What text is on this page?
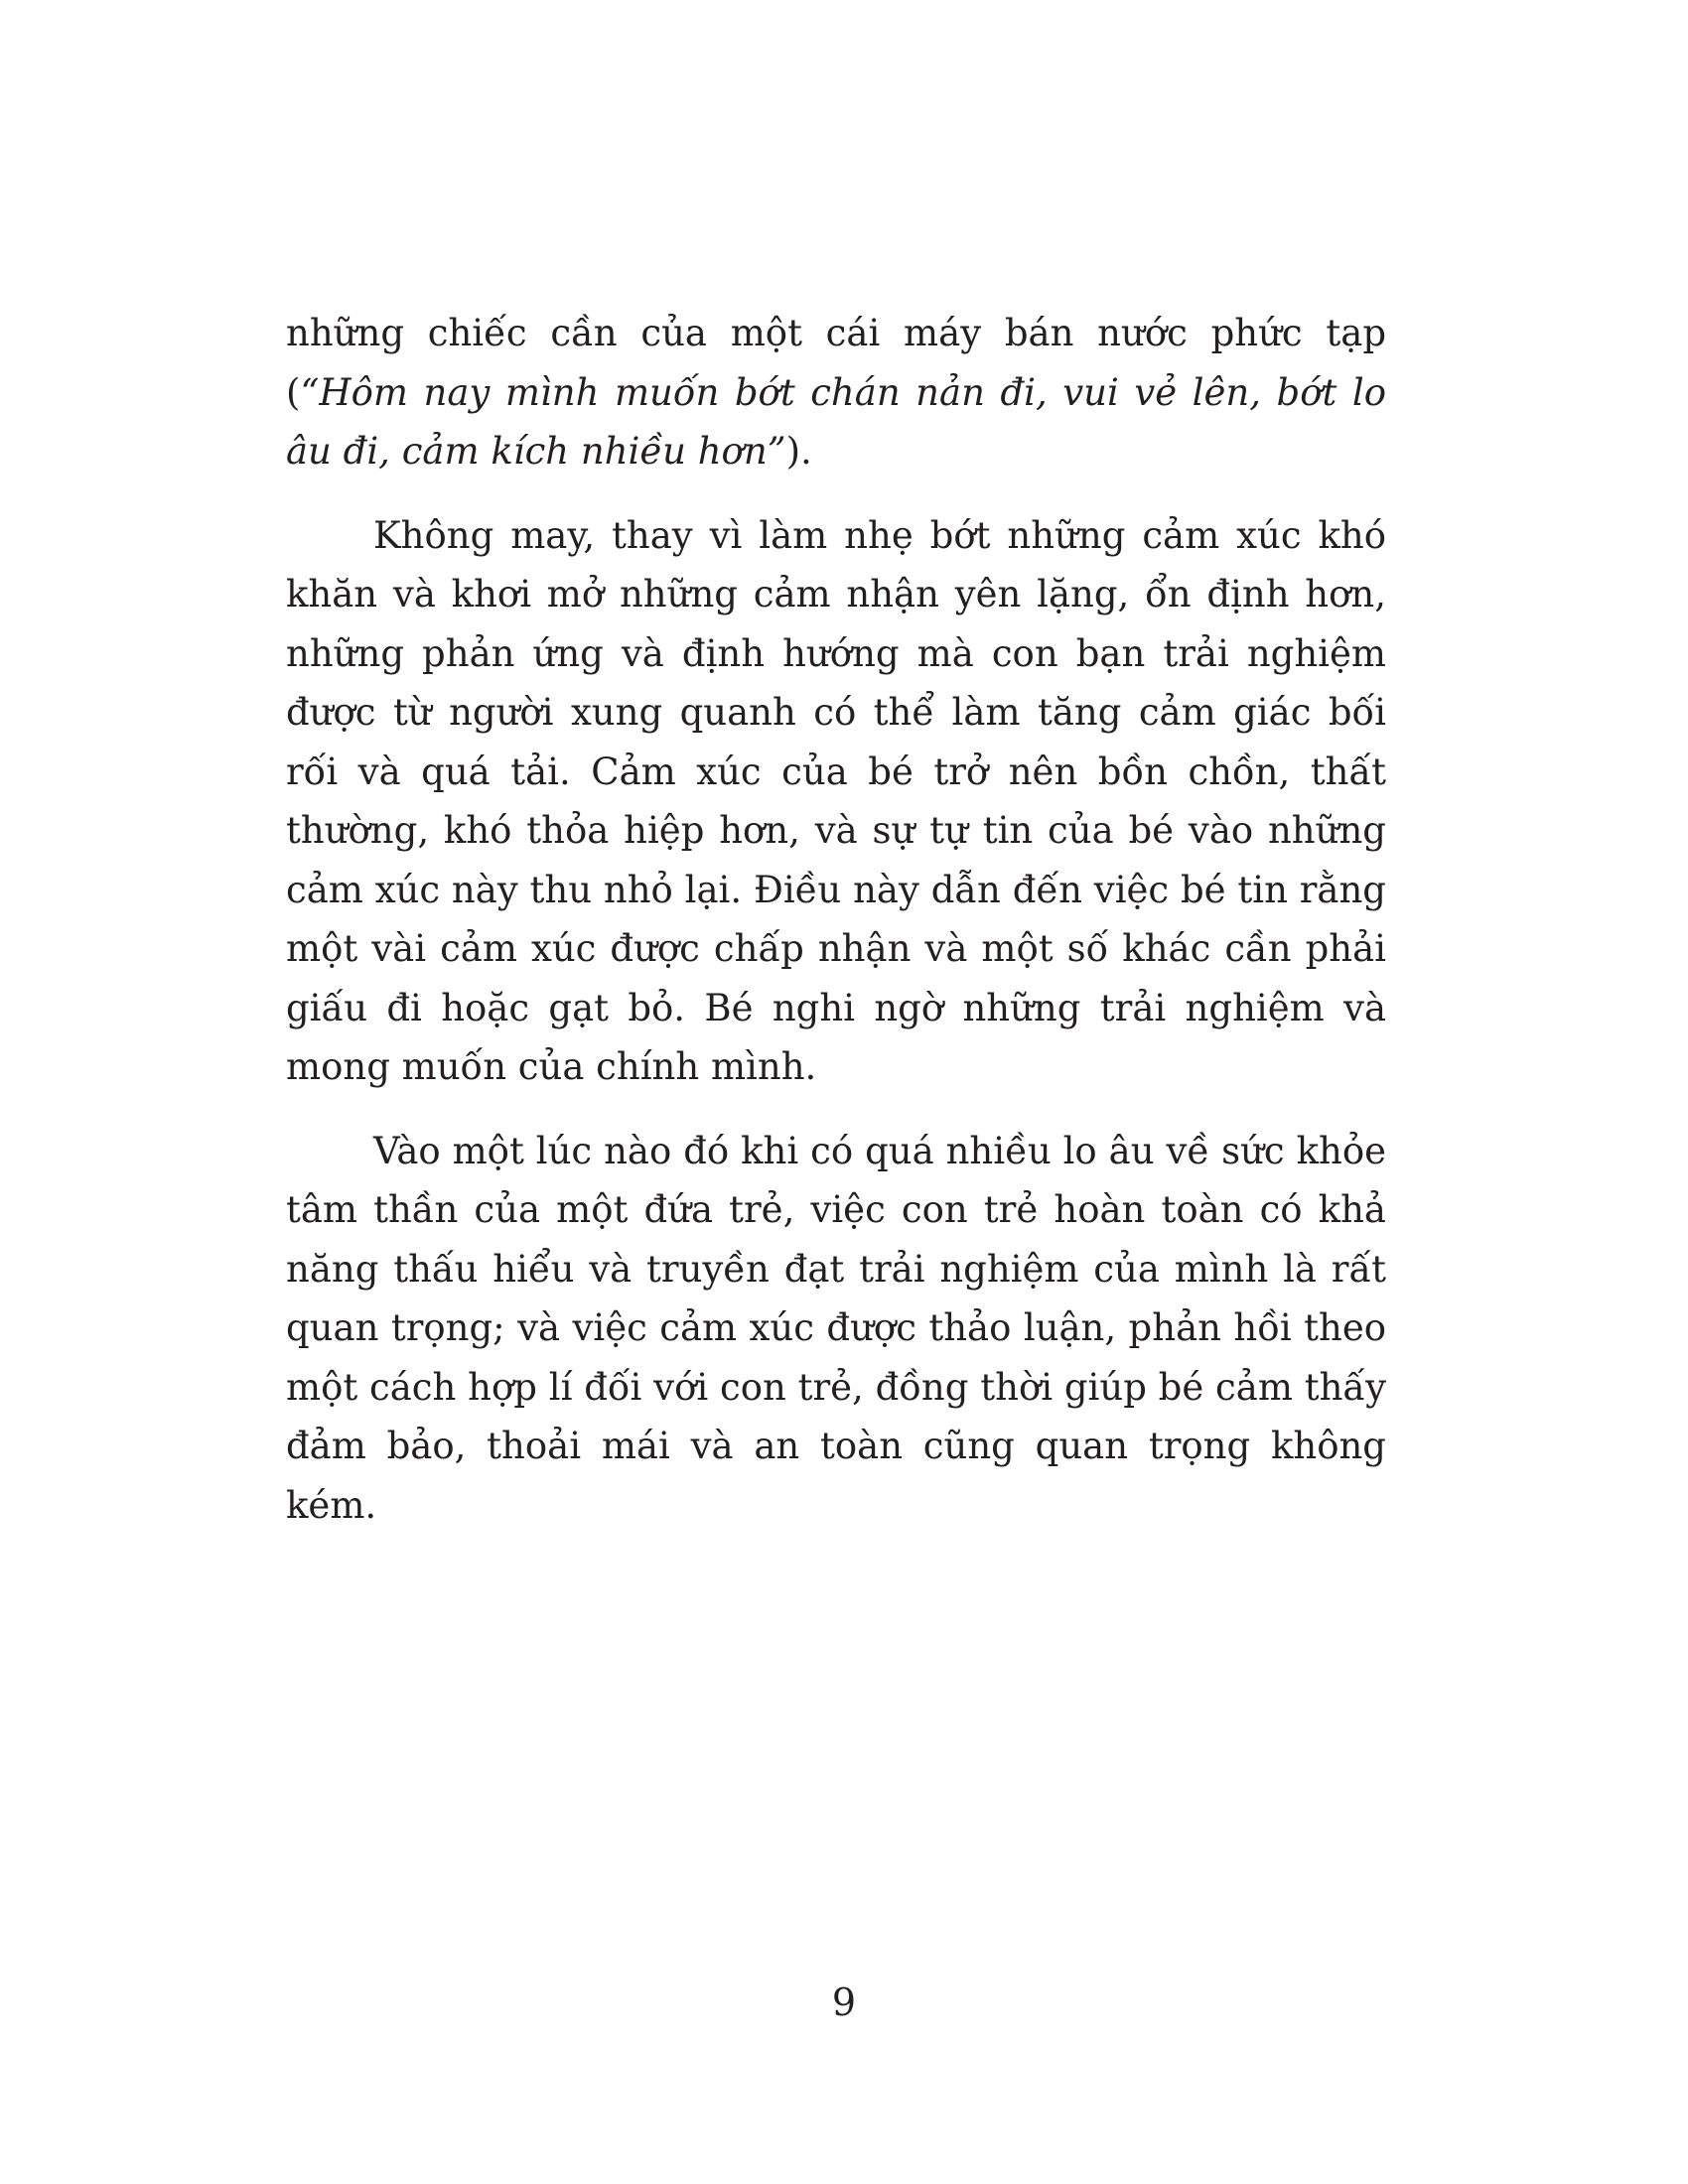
những chiếc cần của một cái máy bán nước phức tạp (“Hôm nay mình muốn bớt chán nản đi, vui vẻ lên, bớt lo âu đi, cảm kích nhiều hơn”).

Không may, thay vì làm nhẹ bớt những cảm xúc khó khăn và khơi mở những cảm nhận yên lặng, ổn định hơn, những phản ứng và định hướng mà con bạn trải nghiệm được từ người xung quanh có thể làm tăng cảm giác bối rối và quá tải. Cảm xúc của bé trở nên bồn chồn, thất thường, khó thỏa hiệp hơn, và sự tự tin của bé vào những cảm xúc này thu nhỏ lại. Điều này dẫn đến việc bé tin rằng một vài cảm xúc được chấp nhận và một số khác cần phải giấu đi hoặc gạt bỏ. Bé nghi ngờ những trải nghiệm và mong muốn của chính mình.

Vào một lúc nào đó khi có quá nhiều lo âu về sức khỏe tâm thần của một đứa trẻ, việc con trẻ hoàn toàn có khả năng thấu hiểu và truyền đạt trải nghiệm của mình là rất quan trọng; và việc cảm xúc được thảo luận, phản hồi theo một cách hợp lí đối với con trẻ, đồng thời giúp bé cảm thấy đảm bảo, thoải mái và an toàn cũng quan trọng không kém.

9
